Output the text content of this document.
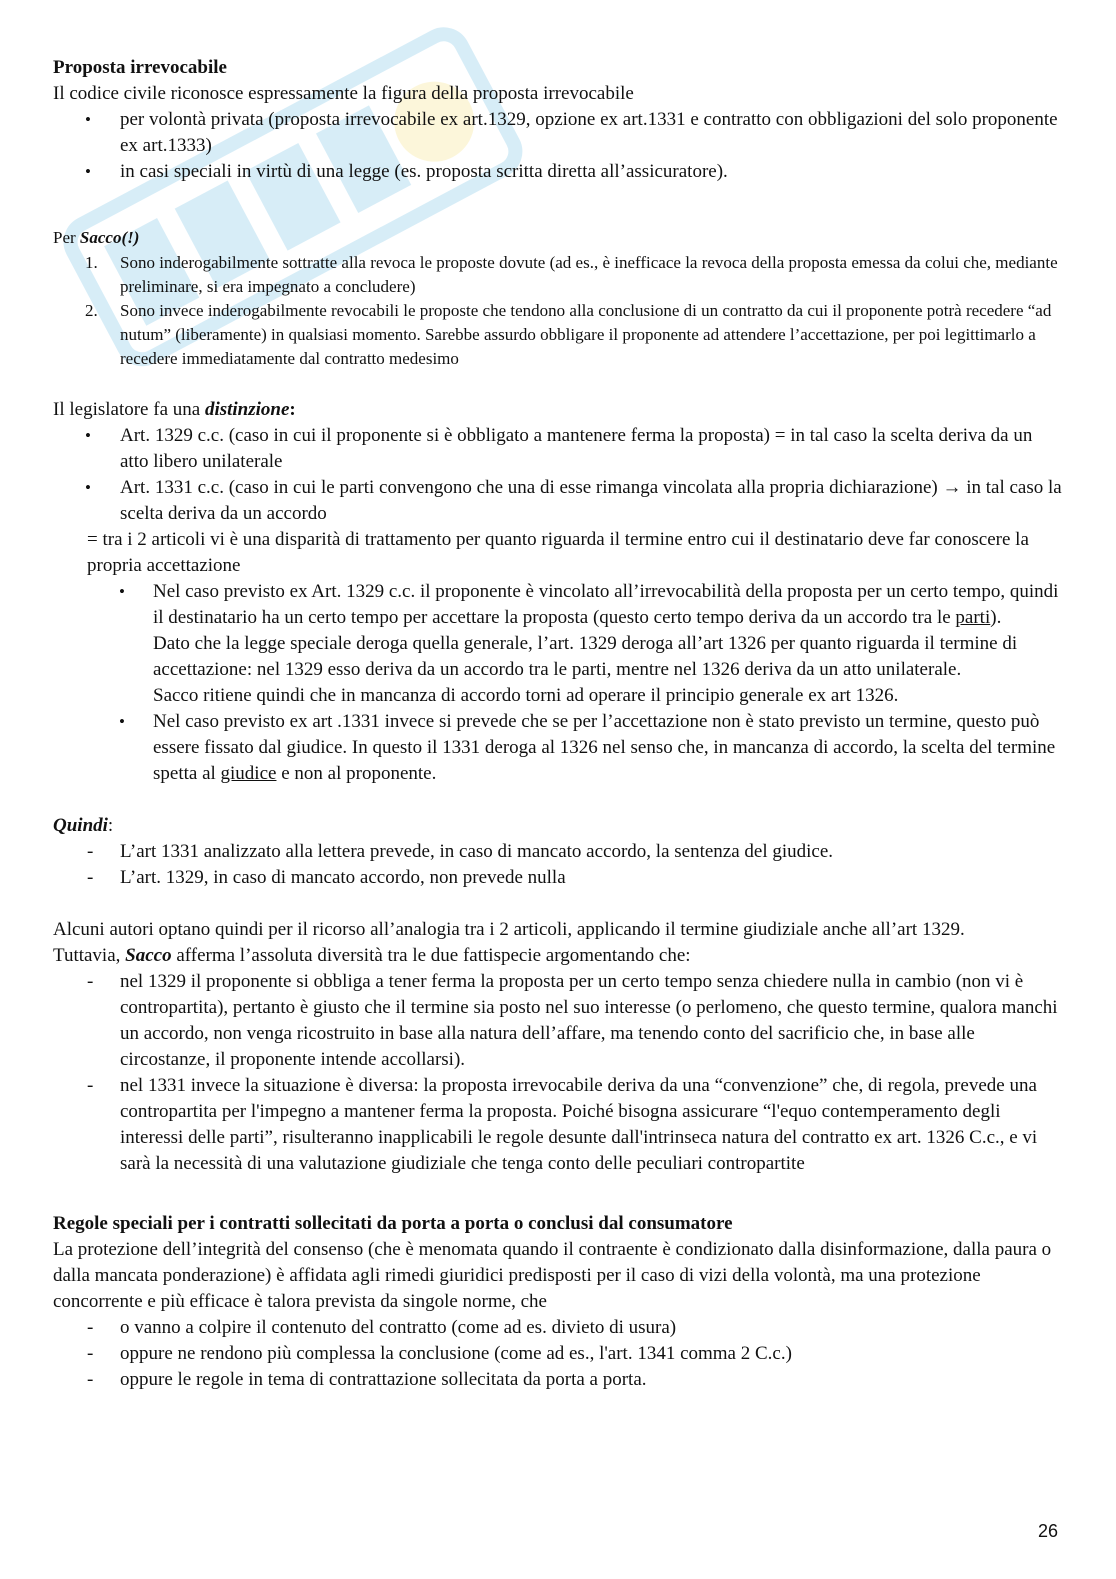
Proposta irrevocabile

Il codice civile riconosce espressamente la figura della proposta irrevocabile

• per volontà privata (proposta irrevocabile ex art.1329, opzione ex art.1331 e contratto con obbligazioni del solo proponente ex art.1333)
• in casi speciali in virtù di una legge (es. proposta scritta diretta all’assicuratore).

Per Sacco(!)

1. Sono inderogabilmente sottratte alla revoca le proposte dovute (ad es., è inefficace la revoca della proposta emessa da colui che, mediante preliminare, si era impegnato a concludere)
2. Sono invece inderogabilmente revocabili le proposte che tendono alla conclusione di un contratto da cui il proponente potrà recedere “ad nutum” (liberamente) in qualsiasi momento. Sarebbe assurdo obbligare il proponente ad attendere l’accettazione, per poi legittimarlo a recedere immediatamente dal contratto medesimo

Il legislatore fa una distinzione:

• Art. 1329 c.c. (caso in cui il proponente si è obbligato a mantenere ferma la proposta) = in tal caso la scelta deriva da un atto libero unilaterale
• Art. 1331 c.c. (caso in cui le parti convengono che una di esse rimanga vincolata alla propria dichiarazione) → in tal caso la scelta deriva da un accordo

= tra i 2 articoli vi è una disparità di trattamento per quanto riguarda il termine entro cui il destinatario deve far conoscere la propria accettazione

• Nel caso previsto ex Art. 1329 c.c. il proponente è vincolato all’irrevocabilità della proposta per un certo tempo, quindi il destinatario ha un certo tempo per accettare la proposta (questo certo tempo deriva da un accordo tra le parti).
Dato che la legge speciale deroga quella generale, l’art. 1329 deroga all’art 1326 per quanto riguarda il termine di accettazione: nel 1329 esso deriva da un accordo tra le parti, mentre nel 1326 deriva da un atto unilaterale.
Sacco ritiene quindi che in mancanza di accordo torni ad operare il principio generale ex art 1326.
• Nel caso previsto ex art .1331 invece si prevede che se per l’accettazione non è stato previsto un termine, questo può essere fissato dal giudice. In questo il 1331 deroga al 1326 nel senso che, in mancanza di accordo, la scelta del termine spetta al giudice e non al proponente.

Quindi:

- L’art 1331 analizzato alla lettera prevede, in caso di mancato accordo, la sentenza del giudice.
- L’art. 1329, in caso di mancato accordo, non prevede nulla

Alcuni autori optano quindi per il ricorso all’analogia tra i 2 articoli, applicando il termine giudiziale anche all’art 1329.

Tuttavia, Sacco afferma l’assoluta diversità tra le due fattispecie argomentando che:

- nel 1329 il proponente si obbliga a tener ferma la proposta per un certo tempo senza chiedere nulla in cambio (non vi è contropartita), pertanto è giusto che il termine sia posto nel suo interesse (o perlomeno, che questo termine, qualora manchi un accordo, non venga ricostruito in base alla natura dell’affare, ma tenendo conto del sacrificio che, in base alle circostanze, il proponente intende accollarsi).
- nel 1331 invece la situazione è diversa: la proposta irrevocabile deriva da una “convenzione” che, di regola, prevede una contropartita per l'impegno a mantener ferma la proposta. Poiché bisogna assicurare “l'equo contemperamento degli interessi delle parti”, risulteranno inapplicabili le regole desunte dall'intrinseca natura del contratto ex art. 1326 C.c., e vi sarà la necessità di una valutazione giudiziale che tenga conto delle peculiari contropartite

Regole speciali per i contratti sollecitati da porta a porta o conclusi dal consumatore

La protezione dell’integrità del consenso (che è menomata quando il contraente è condizionato dalla disinformazione, dalla paura o dalla mancata ponderazione) è affidata agli rimedi giuridici predisposti per il caso di vizi della volontà, ma una protezione concorrente e più efficace è talora prevista da singole norme, che

- o vanno a colpire il contenuto del contratto (come ad es. divieto di usura)
- oppure ne rendono più complessa la conclusione (come ad es., l'art. 1341 comma 2 C.c.)
- oppure le regole in tema di contrattazione sollecitata da porta a porta.
26
